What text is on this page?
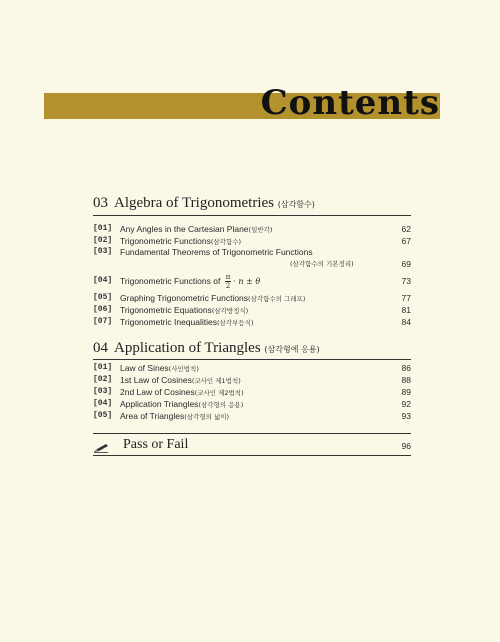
Contents
03 Algebra of Trigonometries (삼각함수)
[01] Any Angles in the Cartesian Plane(일반각)	62
[02] Trigonometric Functions(삼각함수)	67
[03] Fundamental Theorems of Trigonometric Functions
(삼각함수의 기본정리)	69
[04] Trigonometric Functions of $\frac{\pi}{2} \cdot n \pm \theta$	73
[05] Graphing Trigonometric Functions(삼각함수의 그래프)	77
[06] Trigonometric Equations(삼각방정식)	81
[07] Trigonometric Inequalities(삼각부등식)	84
04 Application of Triangles (삼각형에 응용)
[01] Law of Sines(사인법칙)	86
[02] 1st Law of Cosines(코사인 제1법칙)	88
[03] 2nd Law of Cosines(코사인 제2법칙)	89
[04] Application Triangles(삼각형의 응용)	92
[05] Area of Triangles(삼각형의 넓이)	93
Pass or Fail	96
